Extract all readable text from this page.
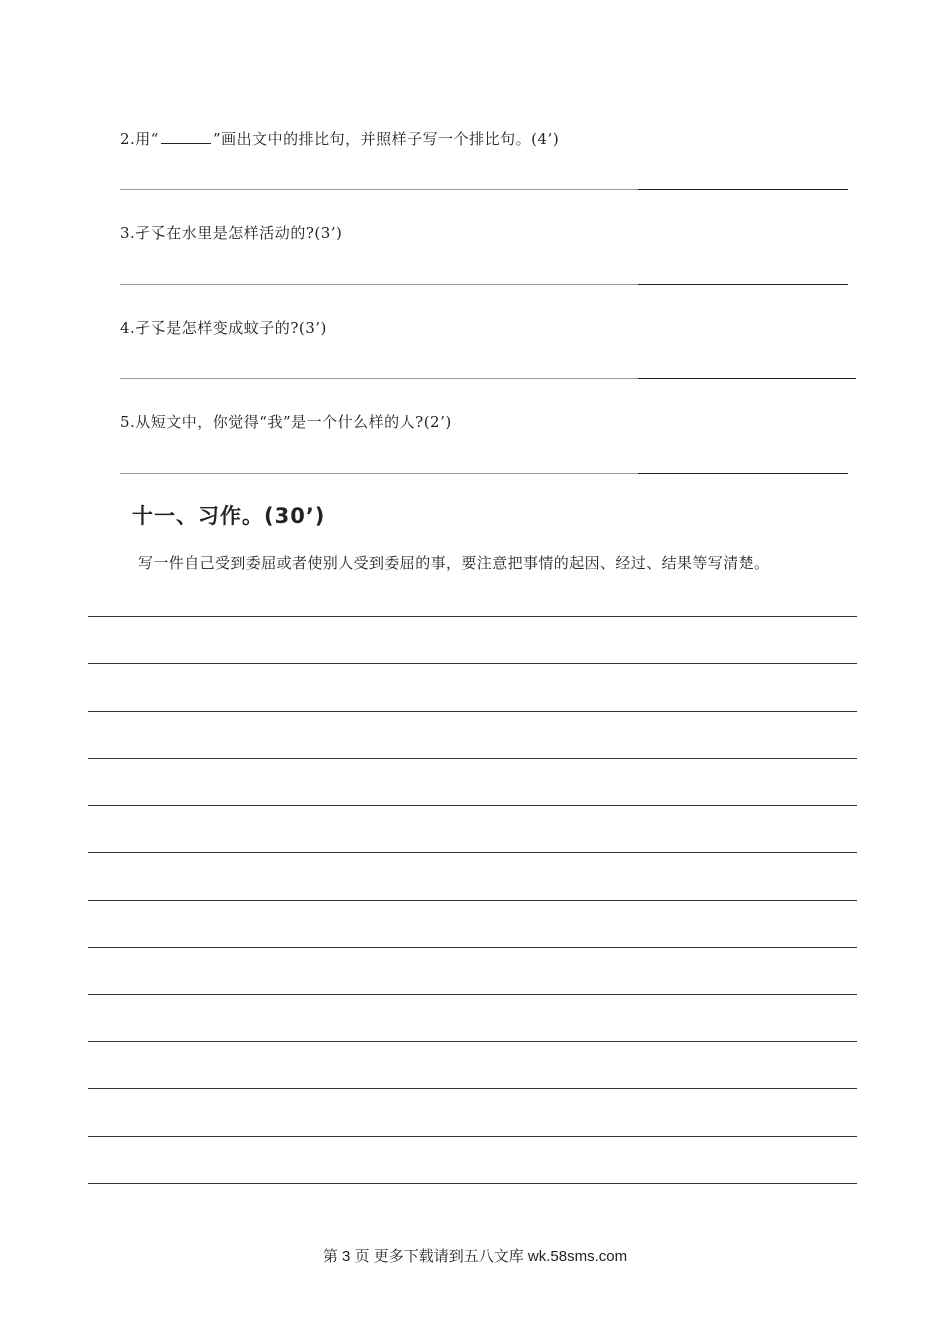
2.用“	”画出文中的排比句，并照样子写一个排比句。(4’)
3.孑孓在水里是怎样活动的?(3’)
4.孑孓是怎样变成蚊子的?(3’)
5.从短文中，你觉得“我”是一个什么样的人?(2’)
十一、习作。(30’)
写一件自己受到委屈或者使别人受到委屈的事，要注意把事情的起因、经过、结果等写清楚。
第 3 页 更多下载请到五八文库 wk.58sms.com
